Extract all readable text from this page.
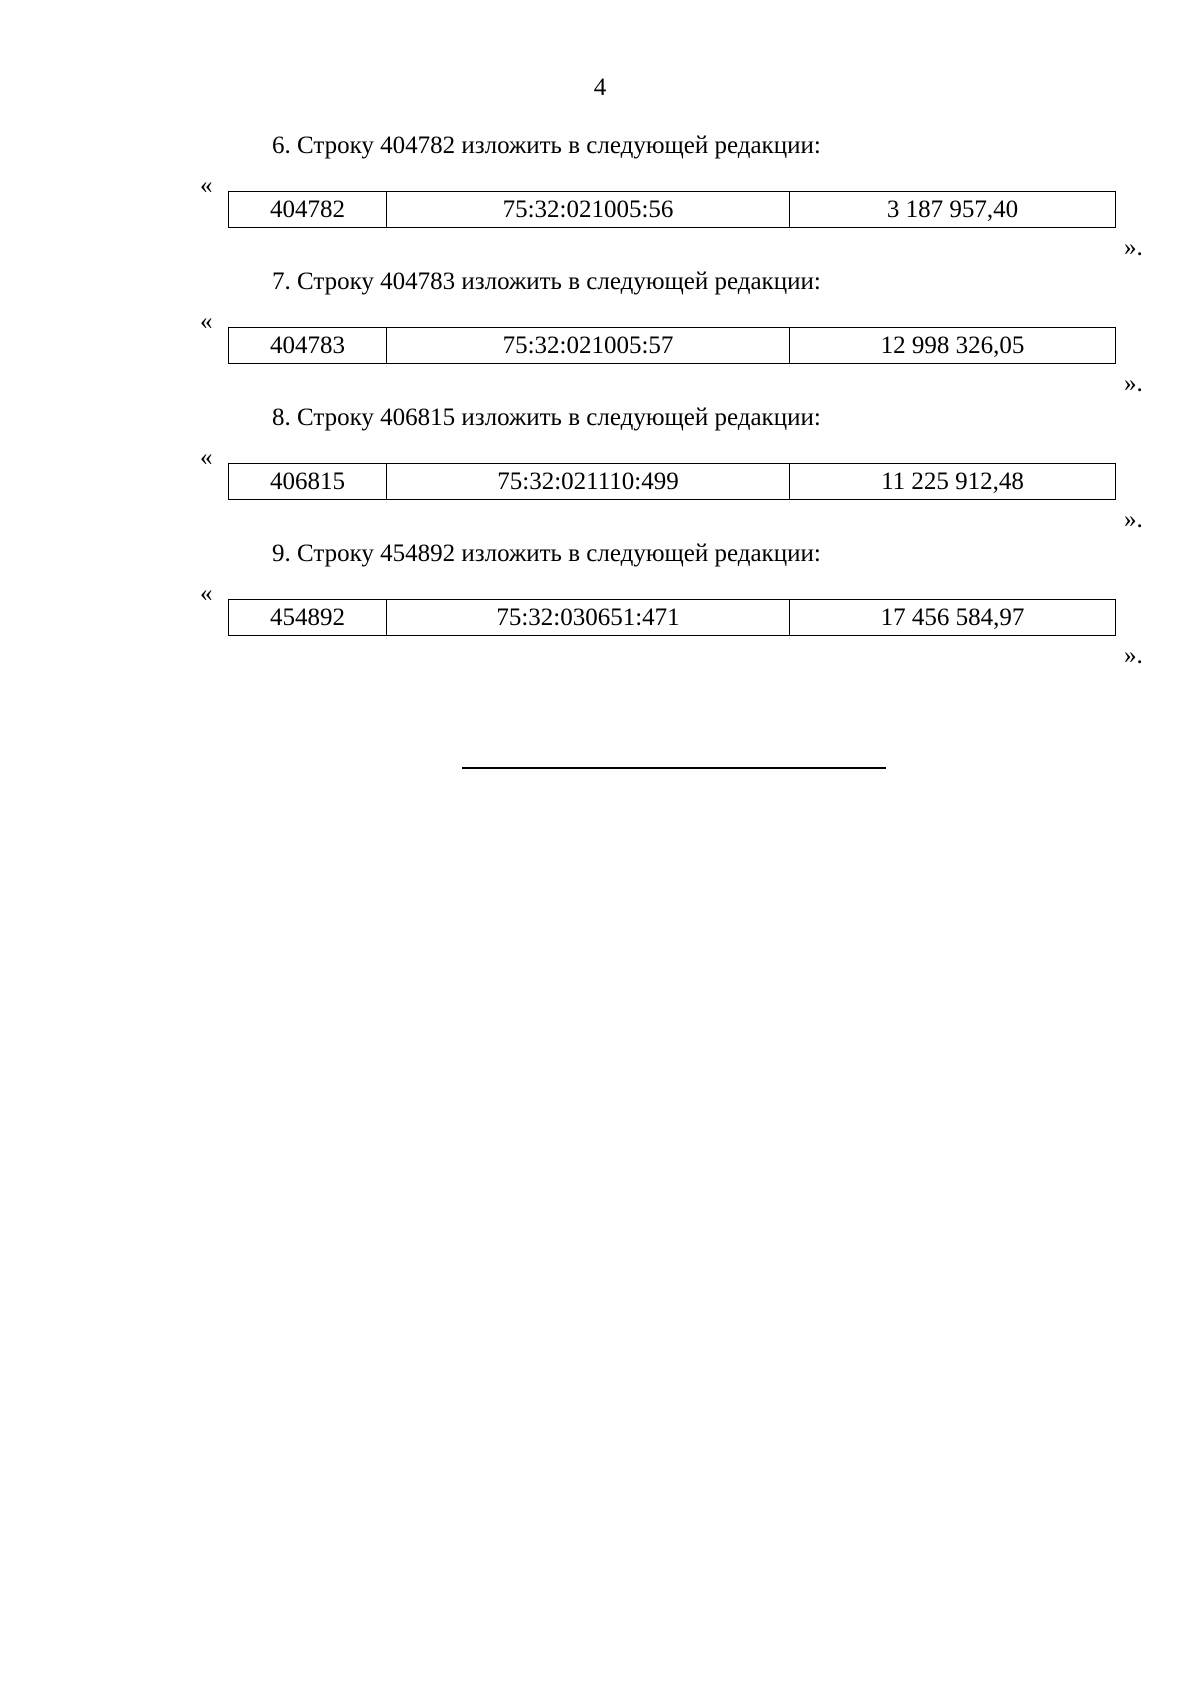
4
6. Строку 404782 изложить в следующей редакции:
«
404782	75:32:021005:56	3 187 957,40
».
7. Строку 404783 изложить в следующей редакции:
«
404783	75:32:021005:57	12 998 326,05
».
8. Строку 406815 изложить в следующей редакции:
«
406815	75:32:021110:499	11 225 912,48
».
9. Строку 454892 изложить в следующей редакции:
«
454892	75:32:030651:471	17 456 584,97
».
